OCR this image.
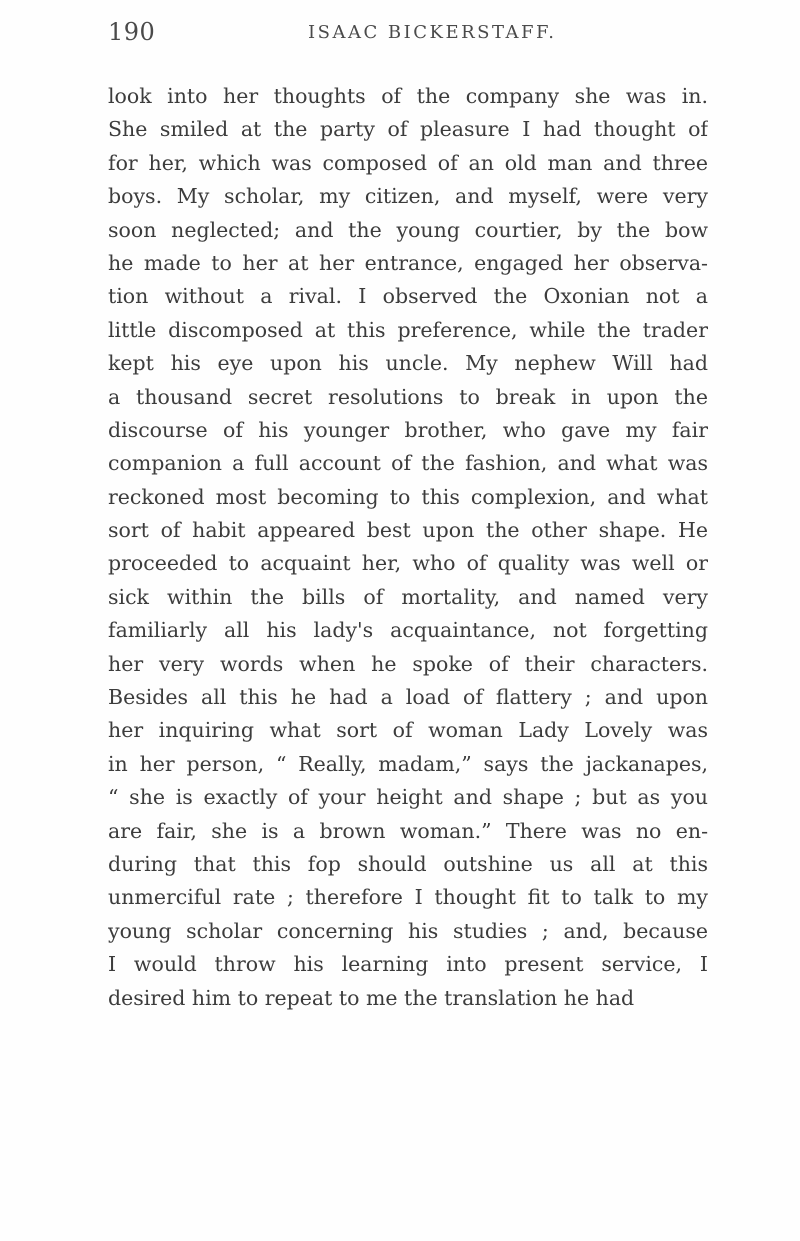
190	ISAAC BICKERSTAFF.
look into her thoughts of the company she was in.
She smiled at the party of pleasure I had thought of
for her, which was composed of an old man and three
boys. My scholar, my citizen, and myself, were very
soon neglected; and the young courtier, by the bow
he made to her at her entrance, engaged her observa-
tion without a rival. I observed the Oxonian not a
little discomposed at this preference, while the trader
kept his eye upon his uncle. My nephew Will had
a thousand secret resolutions to break in upon the
discourse of his younger brother, who gave my fair
companion a full account of the fashion, and what was
reckoned most becoming to this complexion, and what
sort of habit appeared best upon the other shape. He
proceeded to acquaint her, who of quality was well or
sick within the bills of mortality, and named very
familiarly all his lady's acquaintance, not forgetting
her very words when he spoke of their characters.
Besides all this he had a load of flattery ; and upon
her inquiring what sort of woman Lady Lovely was
in her person, “ Really, madam,” says the jackanapes,
“ she is exactly of your height and shape ; but as you
are fair, she is a brown woman.” There was no en-
during that this fop should outshine us all at this
unmerciful rate ; therefore I thought fit to talk to my
young scholar concerning his studies ; and, because
I would throw his learning into present service, I
desired him to repeat to me the translation he had
